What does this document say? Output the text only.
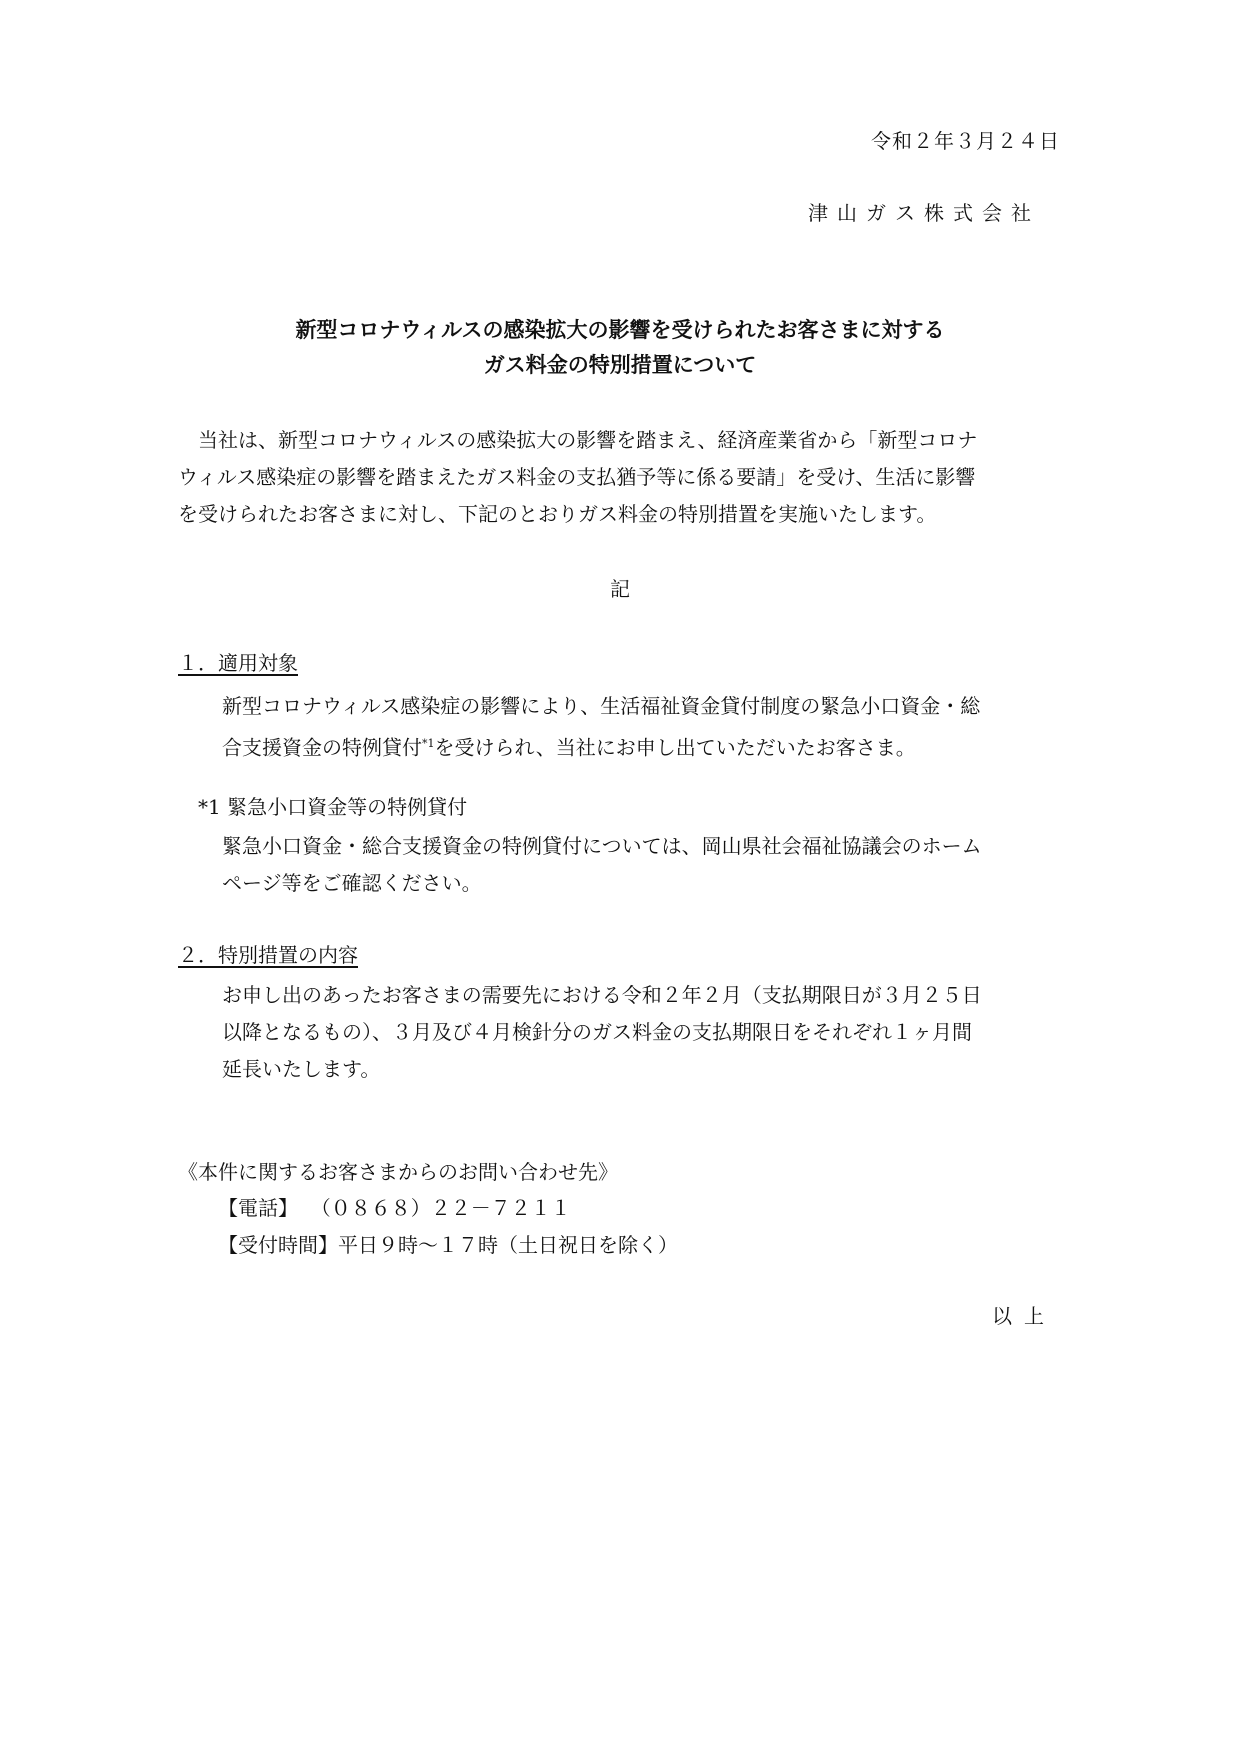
令和２年３月２４日
津山ガス株式会社
新型コロナウィルスの感染拡大の影響を受けられたお客さまに対する
ガス料金の特別措置について

当社は、新型コロナウィルスの感染拡大の影響を踏まえ、経済産業省から「新型コロナ

ウィルス感染症の影響を踏まえたガス料金の支払猶予等に係る要請」を受け、生活に影響

を受けられたお客さまに対し、下記のとおりガス料金の特別措置を実施いたします。

記
１．適用対象
新型コロナウィルス感染症の影響により、生活福祉資金貸付制度の緊急小口資金・総
合支援資金の特例貸付$^{*1}$を受けられ、当社にお申し出ていただいたお客さま。
*1 緊急小口資金等の特例貸付
緊急小口資金・総合支援資金の特例貸付については、岡山県社会福祉協議会のホーム
ページ等をご確認ください。
２．特別措置の内容
お申し出のあったお客さまの需要先における令和２年２月（支払期限日が３月２５日
以降となるもの）、３月及び４月検針分のガス料金の支払期限日をそれぞれ１ヶ月間
延長いたします。
《本件に関するお客さまからのお問い合わせ先》
【電話】 （０８６８）２２－７２１１
【受付時間】平日９時～１７時（土日祝日を除く）
以上
